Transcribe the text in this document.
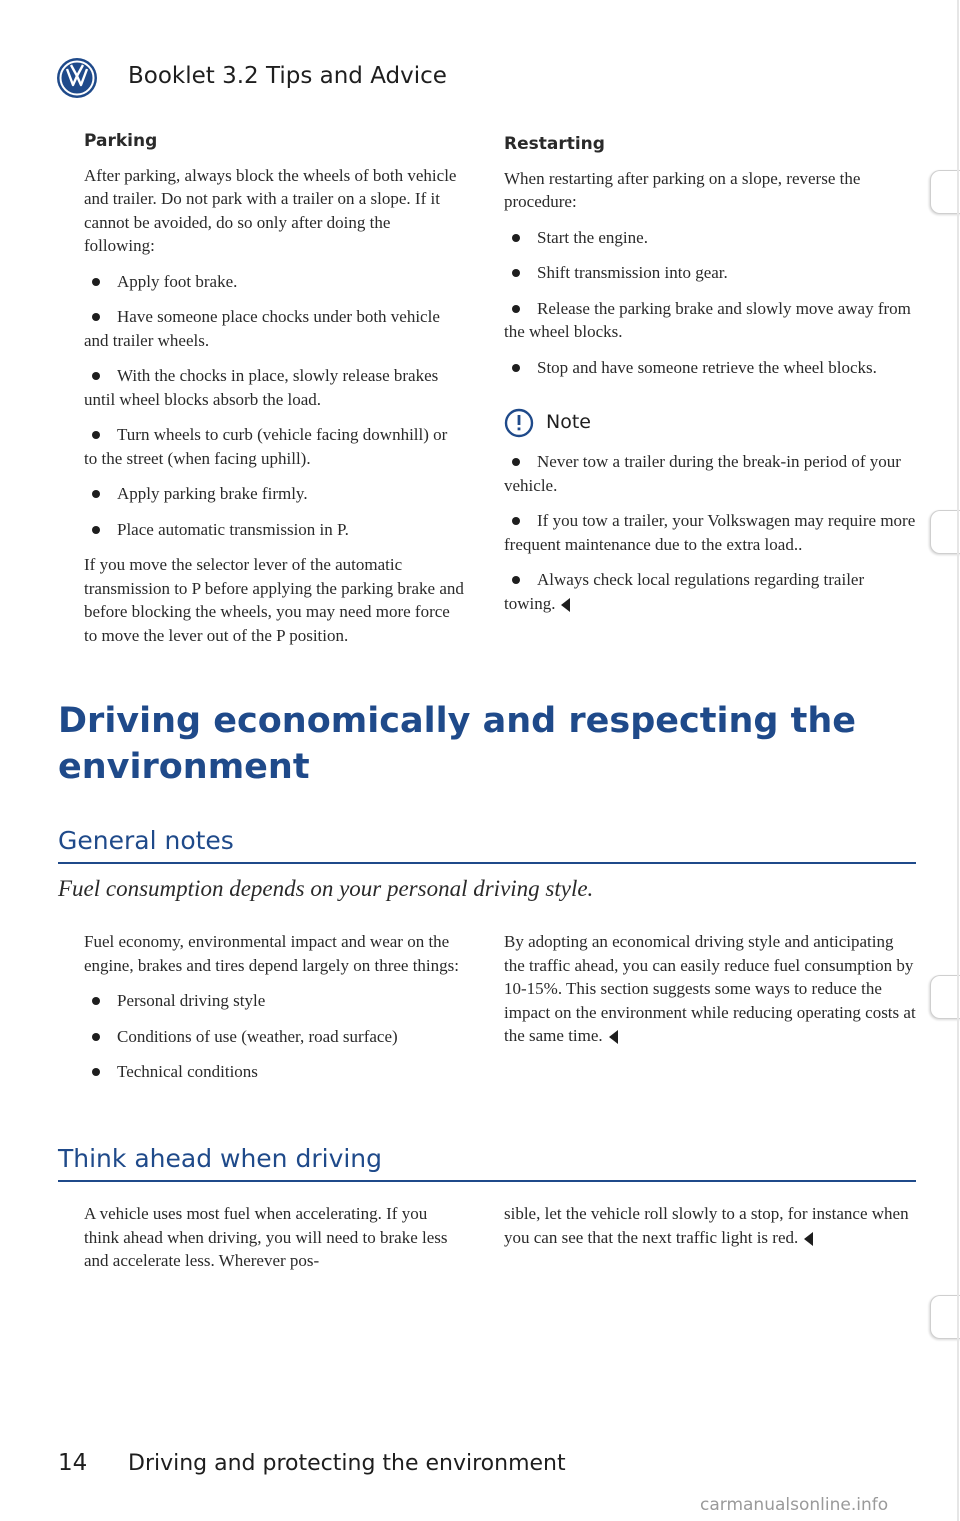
Booklet 3.2 Tips and Advice
Parking

After parking, always block the wheels of both vehicle and trailer. Do not park with a trailer on a slope. If it cannot be avoided, do so only after doing the following:

Apply foot brake.
Have someone place chocks under both vehicle and trailer wheels.
With the chocks in place, slowly release brakes until wheel blocks absorb the load.
Turn wheels to curb (vehicle facing downhill) or to the street (when facing uphill).
Apply parking brake firmly.
Place automatic transmission in P.

If you move the selector lever of the automatic transmission to P before applying the parking brake and before blocking the wheels, you may need more force to move the lever out of the P position.

Restarting

When restarting after parking on a slope, reverse the procedure:

Start the engine.
Shift transmission into gear.
Release the parking brake and slowly move away from the wheel blocks.
Stop and have someone retrieve the wheel blocks.
Note
Never tow a trailer during the break-in period of your vehicle.
If you tow a trailer, your Volkswagen may require more frequent maintenance due to the extra load..
Always check local regulations regarding trailer towing.
Driving economically and respecting the
environment
General notes
Fuel consumption depends on your personal driving style.

Fuel economy, environmental impact and wear on the engine, brakes and tires depend largely on three things:

Personal driving style
Conditions of use (weather, road surface)
Technical conditions

By adopting an economical driving style and anticipating the traffic ahead, you can easily reduce fuel consumption by 10-15%. This section suggests some ways to reduce the impact on the environment while reducing operating costs at the same time.

Think ahead when driving

A vehicle uses most fuel when accelerating. If you think ahead when driving, you will need to brake less and accelerate less. Wherever pos-

sible, let the vehicle roll slowly to a stop, for instance when you can see that the next traffic light is red.

14 Driving and protecting the environment
carmanualsonline.info
